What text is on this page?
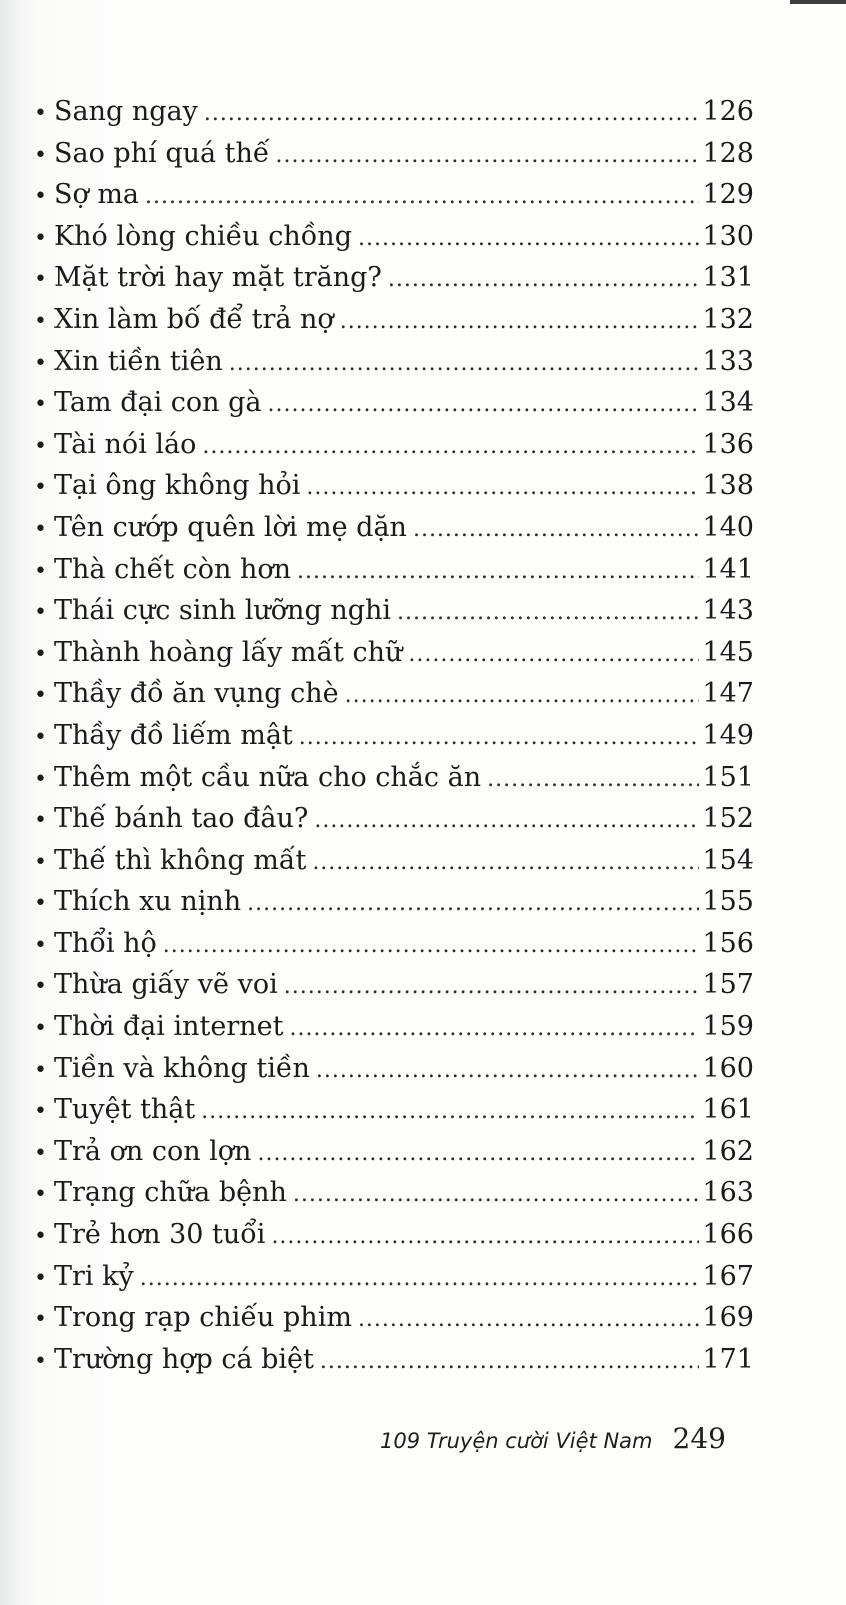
• Sang ngay .....	126
• Sao phí quá thế .....	128
• Sợ ma .....	129
• Khó lòng chiều chồng .....	130
• Mặt trời hay mặt trăng? .....	131
• Xin làm bố để trả nợ .....	132
• Xin tiền tiên .....	133
• Tam đại con gà .....	134
• Tài nói láo .....	136
• Tại ông không hỏi .....	138
• Tên cướp quên lời mẹ dặn .....	140
• Thà chết còn hơn .....	141
• Thái cực sinh lưỡng nghi .....	143
• Thành hoàng lấy mất chữ .....	145
• Thầy đồ ăn vụng chè .....	147
• Thầy đồ liếm mật .....	149
• Thêm một cầu nữa cho chắc ăn .....	151
• Thế bánh tao đâu? .....	152
• Thế thì không mất .....	154
• Thích xu nịnh .....	155
• Thổi hộ .....	156
• Thừa giấy vẽ voi .....	157
• Thời đại internet .....	159
• Tiền và không tiền .....	160
• Tuyệt thật .....	161
• Trả ơn con lợn .....	162
• Trạng chữa bệnh .....	163
• Trẻ hơn 30 tuổi .....	166
• Tri kỷ .....	167
• Trong rạp chiếu phim .....	169
• Trường hợp cá biệt .....	171
109 Truyện cười Việt Nam 249
